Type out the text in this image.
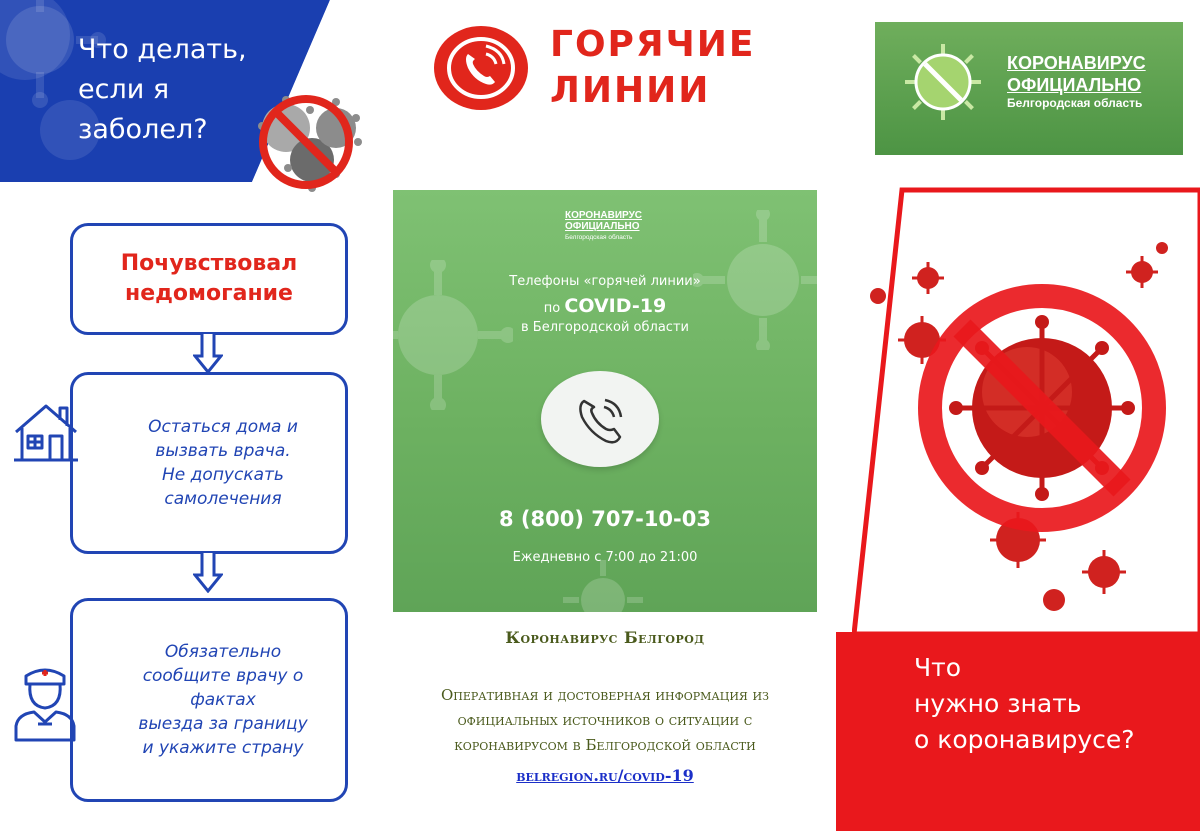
Что делать,
если я
заболел?
Почувствовал
недомогание
Остаться дома и
вызвать врача.
Не допускать
самолечения
Обязательно
сообщите врачу о
фактах
выезда за границу
и укажите страну
ГОРЯЧИЕ
ЛИНИИ
КОРОНАВИРУС
ОФИЦИАЛЬНО
Белгородская область
Телефоны «горячей линии»
по COVID-19
в Белгородской области
8 (800) 707-10-03
Ежедневно с 7:00 до 21:00
Коронавирус Белгород
Оперативная и достоверная информация из
официальных источников о ситуации с
коронавирусом в Белгородской области
belregion.ru/covid-19
КОРОНАВИРУС
ОФИЦИАЛЬНО
Белгородская область
Что
нужно знать
о коронавирусе?
